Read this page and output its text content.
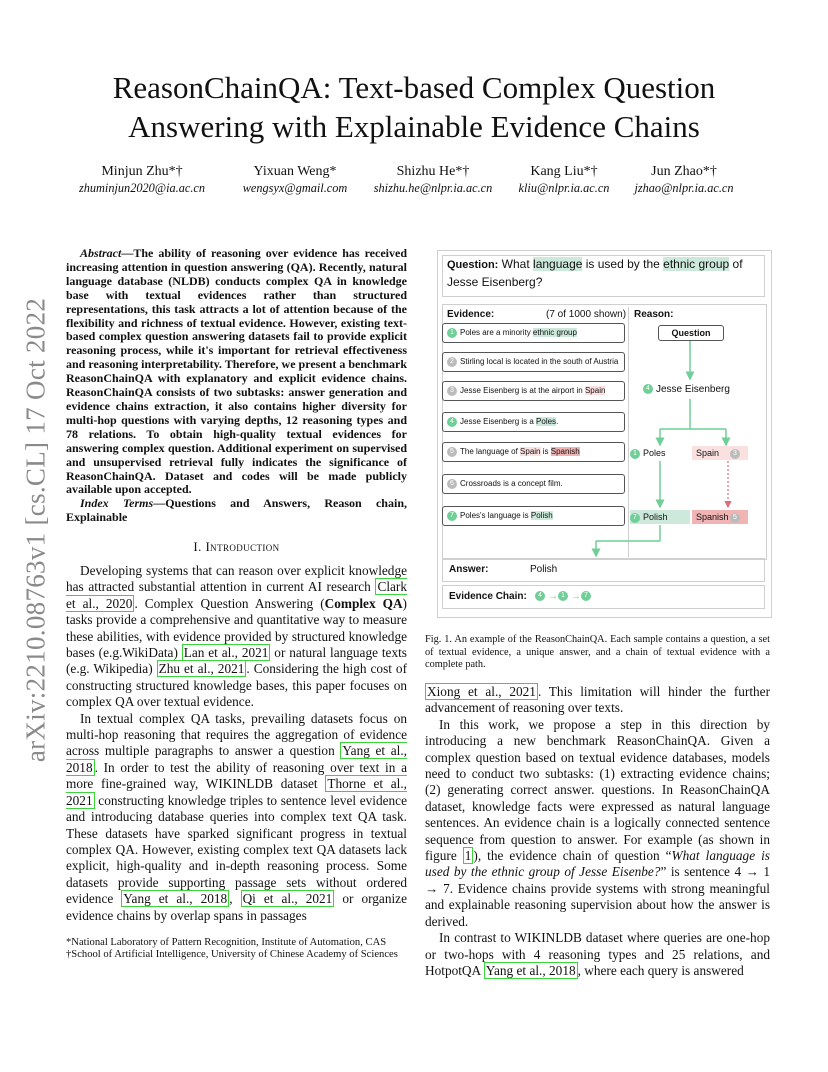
arXiv:2210.08763v1 [cs.CL] 17 Oct 2022
ReasonChainQA: Text-based Complex Question Answering with Explainable Evidence Chains
Minjun Zhu*†
zhuminjun2020@ia.ac.cn
Yixuan Weng*
wengsyx@gmail.com
Shizhu He*†
shizhu.he@nlpr.ia.ac.cn
Kang Liu*†
kliu@nlpr.ia.ac.cn
Jun Zhao*†
jzhao@nlpr.ia.ac.cn

Abstract—The ability of reasoning over evidence has received increasing attention in question answering (QA). Recently, natural language database (NLDB) conducts complex QA in knowledge base with textual evidences rather than structured representations, this task attracts a lot of attention because of the flexibility and richness of textual evidence. However, existing text-based complex question answering datasets fail to provide explicit reasoning process, while it's important for retrieval effectiveness and reasoning interpretability. Therefore, we present a benchmark ReasonChainQA with explanatory and explicit evidence chains. ReasonChainQA consists of two subtasks: answer generation and evidence chains extraction, it also contains higher diversity for multi-hop questions with varying depths, 12 reasoning types and 78 relations. To obtain high-quality textual evidences for answering complex question. Additional experiment on supervised and unsupervised retrieval fully indicates the significance of ReasonChainQA. Dataset and codes will be made publicly available upon accepted.

Index Terms—Questions and Answers, Reason chain, Explainable

I. Introduction

Developing systems that can reason over explicit knowledge has attracted substantial attention in current AI research Clark et al., 2020 . Complex Question Answering (Complex QA) tasks provide a comprehensive and quantitative way to measure these abilities, with evidence provided by structured knowledge bases (e.g.WikiData) Lan et al., 2021 or natural language texts (e.g. Wikipedia) Zhu et al., 2021 . Considering the high cost of constructing structured knowledge bases, this paper focuses on complex QA over textual evidence.

In textual complex QA tasks, prevailing datasets focus on multi-hop reasoning that requires the aggregation of evidence across multiple paragraphs to answer a question Yang et al., 2018 . In order to test the ability of reasoning over text in a more fine-grained way, WIKINLDB dataset Thorne et al., 2021 constructing knowledge triples to sentence level evidence and introducing database queries into complex text QA task. These datasets have sparked significant progress in textual complex QA. However, existing complex text QA datasets lack explicit, high-quality and in-depth reasoning process. Some datasets provide supporting passage sets without ordered evidence Yang et al., 2018 , Qi et al., 2021 or organize evidence chains by overlap spans in passages

*National Laboratory of Pattern Recognition, Institute of Automation, CAS
†School of Artificial Intelligence, University of Chinese Academy of Sciences
Question: What language is used by the ethnic group of Jesse Eisenberg?
Evidence:	(7 of 1000 shown) Reason:
1 Poles are a minority ethnic group
2 Stirling local is located in the south of Austria
3 Jesse Eisenberg is at the airport in Spain
4 Jesse Eisenberg is a Poles.
5 The language of Spain is Spanish
6 Crossroads is a concept film.
7 Poles's language is Polish
Question
4 Jesse Eisenberg
1 Poles	Spain	3
7 Polish	Spanish 5
Answer:	Polish
Evidence Chain:	4 → 1 → 7
Fig. 1. An example of the ReasonChainQA. Each sample contains a question, a set of textual evidence, a unique answer, and a chain of textual evidence with a complete path.

Xiong et al., 2021 . This limitation will hinder the further advancement of reasoning over texts.

In this work, we propose a step in this direction by introducing a new benchmark ReasonChainQA. Given a complex question based on textual evidence databases, models need to conduct two subtasks: (1) extracting evidence chains; (2) generating correct answer. questions. In ReasonChainQA dataset, knowledge facts were expressed as natural language sentences. An evidence chain is a logically connected sentence sequence from question to answer. For example (as shown in figure 1 ), the evidence chain of question “What language is used by the ethnic group of Jesse Eisenbe?” is sentence 4 → 1 → 7. Evidence chains provide systems with strong meaningful and explainable reasoning supervision about how the answer is derived.

In contrast to WIKINLDB dataset where queries are one-hop or two-hops with 4 reasoning types and 25 relations, and HotpotQA Yang et al., 2018 , where each query is answered
